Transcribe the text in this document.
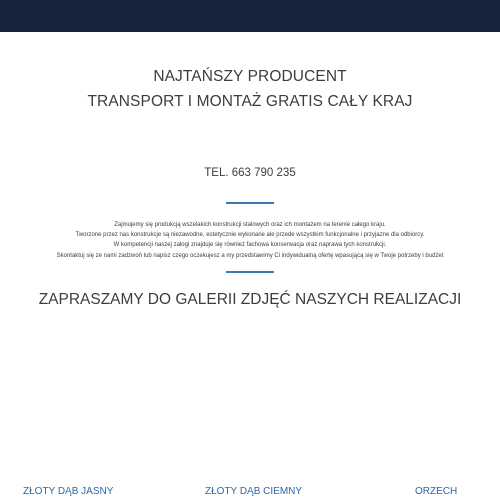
NAJTAŃSZY PRODUCENT
TRANSPORT I MONTAŻ GRATIS CAŁY KRAJ
TEL. 663 790 235

Zajmujemy się produkcją wszelakich konstrukcji stalowych oraz ich montażem na terenie całego kraju.

Tworzone przez nas konstrukcje są niezawodne, estetycznie wykonane ale przede wszystkim funkcjonalne i przyjazne dla odbiorcy.

W kompetencji naszej załogi znajduje się również fachowa konserwacja oraz naprawa tych konstrukcji.

Skontaktuj się ze nami zadzwoń lub napisz czego oczekujesz a my przedstawimy Ci indywidualną ofertę wpasującą się w Twoje potrzeby i budżet

ZAPRASZAMY DO GALERII ZDJĘĆ NASZYCH REALIZACJI
ZŁOTY DĄB JASNY	ZŁOTY DĄB CIEMNY	ORZECH
